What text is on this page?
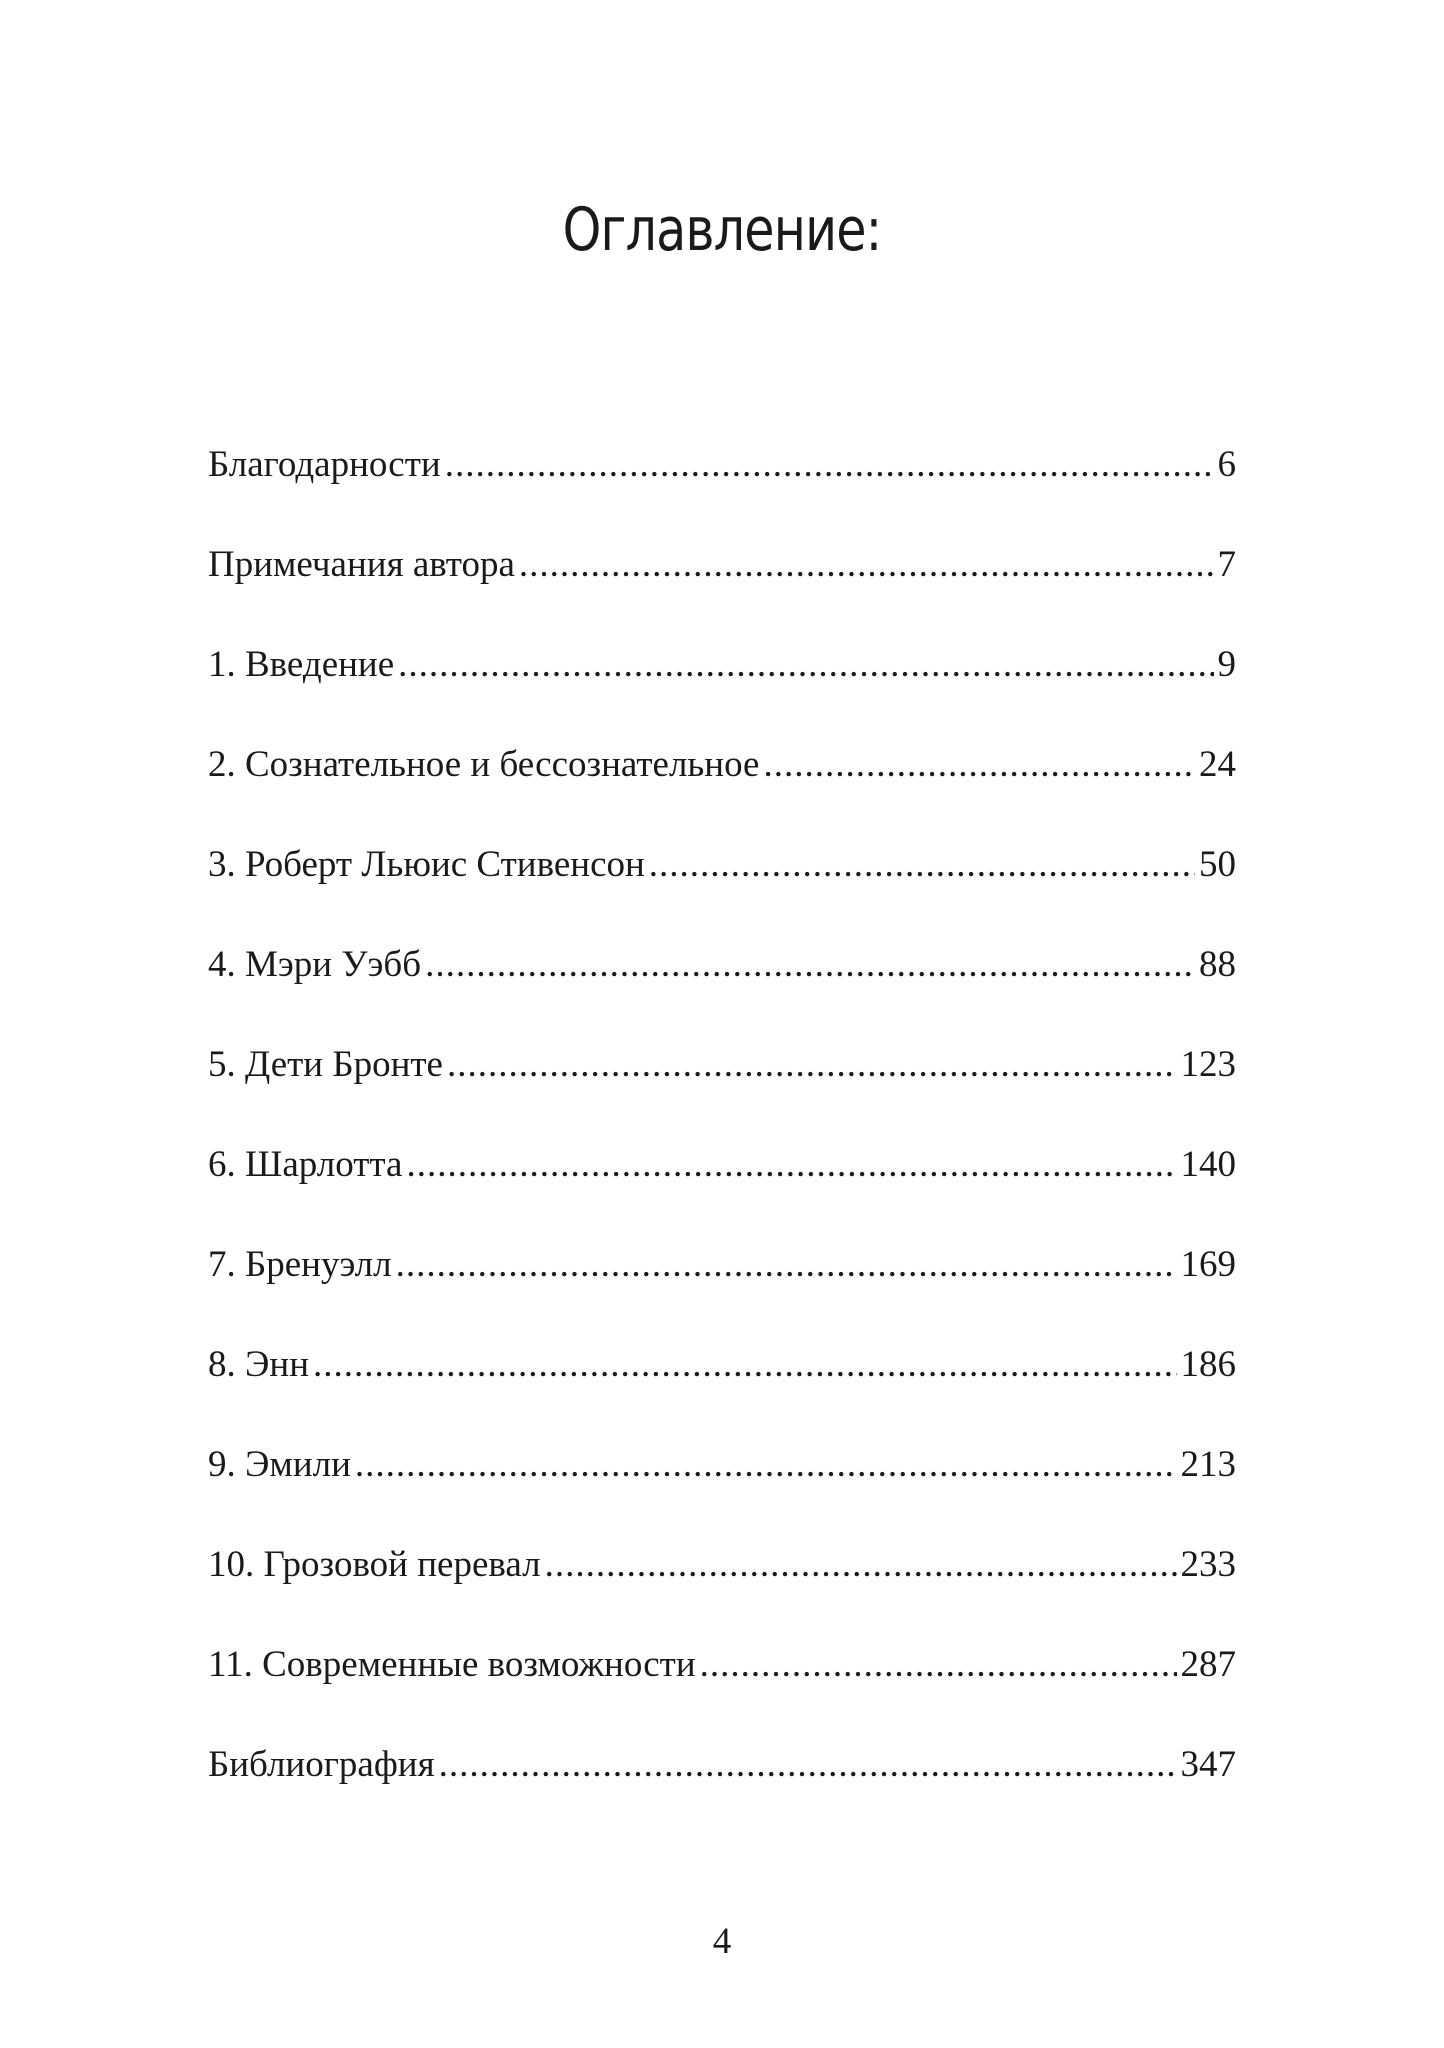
Оглавление:
Благодарности .....	6
Примечания автора .....	7
1. Введение .....	9
2. Сознательное и бессознательное .....	24
3. Роберт Льюис Стивенсон .....	50
4. Мэри Уэбб .....	88
5. Дети Бронте .....	123
6. Шарлотта .....	140
7. Бренуэлл .....	169
8. Энн .....	186
9. Эмили .....	213
10. Грозовой перевал .....	233
11. Современные возможности .....	287
Библиография .....	347
4
